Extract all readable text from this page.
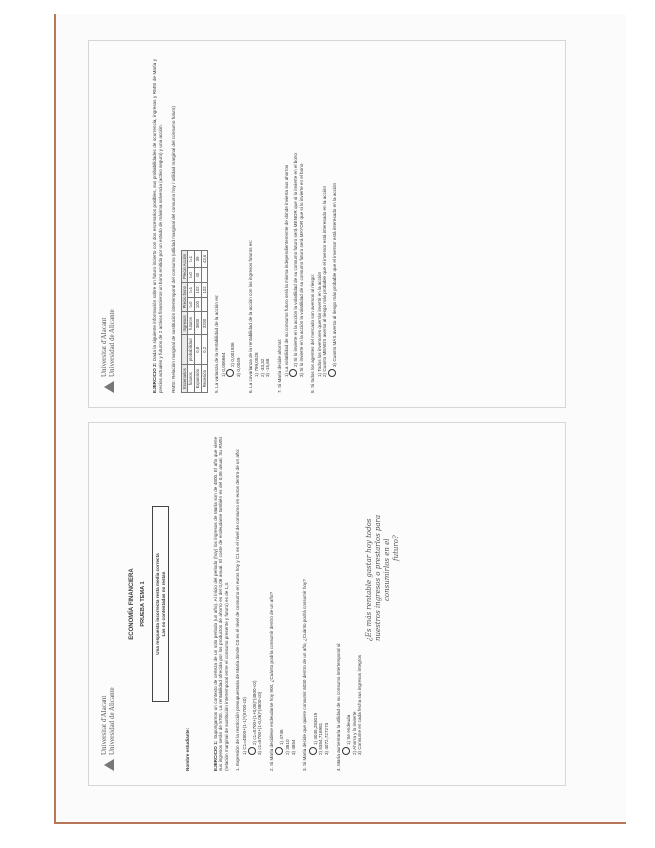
Universitat d'Alacant Universidad de Alicante
ECONOMÍA FINANCIERA PRUEBA TEMA 1 Una respuesta incorrecta resta media correcta Las no contestadas no restan
Nombre estudiante:	EJERCICIO 1: Supongamos un contexto de certeza de un solo periodo (un año). Al inicio del periodo (hoy) los ingresos de María son de 4800. El año que viene sus ingresos serán de 5700. La rentabilidad ofrecida por los productos de ahorro es del 0,06 anual. El coste de endeudarse también es del 0,06 anual. Su RMSI (relación marginal de sustitución intertemporal entre el consumo presente y futuro) es de 1,3. 1. Expresión de la restricción presupuestaria de María donde C0 es el nivel de consumo en euros hoy y C1 es el nivel de consumo en euros dentro de un año: 1) C1=4800+(1-1)*(5700-c0) 2) c1=5700+(1+0,06)*(4800-c0) 3) c1=5700+(1-0,06)*(4800-c0) 2. Si María decidiese endeudarse hoy 900, ¿Cuánto podría consumir dentro de un año?	1) 4746
2) 3810 3) 4854 3. Si María decide que quiere consumir 6030 dentro de un año, ¿Cuánto podrá consumir hoy?	1) 4045,283019 2) 5354,716981 3) 4072,727273 4. María aumentaría la utilidad de su consumo intertemporal si:	1) Se endeuda 2) Ahorra y lo invierte 3) Consume en cada fecha sus ingresos íntegros
¿Es más rentable gastar hoy todos nuestros ingresos o prestarlos para consumirlos en el futuro?
Universitat d'Alacant Universidad de Alicante
EJERCICIO 2: Dada la siguiente información sobre un futuro incierto con dos escenarios posibles, sus probabilidades de ocurrencia, ingresos y RMSI de María y precios actuales y futuros de 2 activos financieros un bono emitido por un estado de máxima solvencia (activo seguro) y una acción. RMSI: Relación marginal de sustitución intertemporal del consumo (utilidad marginal del consumo hoy / utilidad marginal del consumo futuro) Escenarios		Ingresos	Precio bono		Precio Acción	
futuros	probabilidad	futuros	t=0	t=1	t=0	t=1
Expansión	0,8	3800	100	102	40	39
Recesión	0,2	3200		102		43,6
5. La varianza de la rentabilidad de la acción es: 1) 0,006664 2) 0,001936
3) 0,0049 6. La covarianza de la rentabilidad de la acción con los ingresos futuros es: 1) 799,0528 2) -33,32 3) -15,68 7. Si María decide ahorrar: 1) La volatilidad de su consumo futuro será la misma independientemente de dónde invierta sus ahorros 2) Si lo invierte en la acción la volatilidad de su consumo futuro será MENOR que si lo invierte en el bono 3) Si lo invierte en la acción la volatilidad de su consumo futuro será MAYOR que si lo invierte en el bono 8. Si todos los agentes del mercado son aversos al riesgo: 1) Todos los inversores querrán invertir en la acción 2) Cuanto MENOS averso al riesgo más probable que el inversor está interesado en la acción 3) Cuanto MÁS averso al riesgo más probable que el inversor está interesado en la acción
